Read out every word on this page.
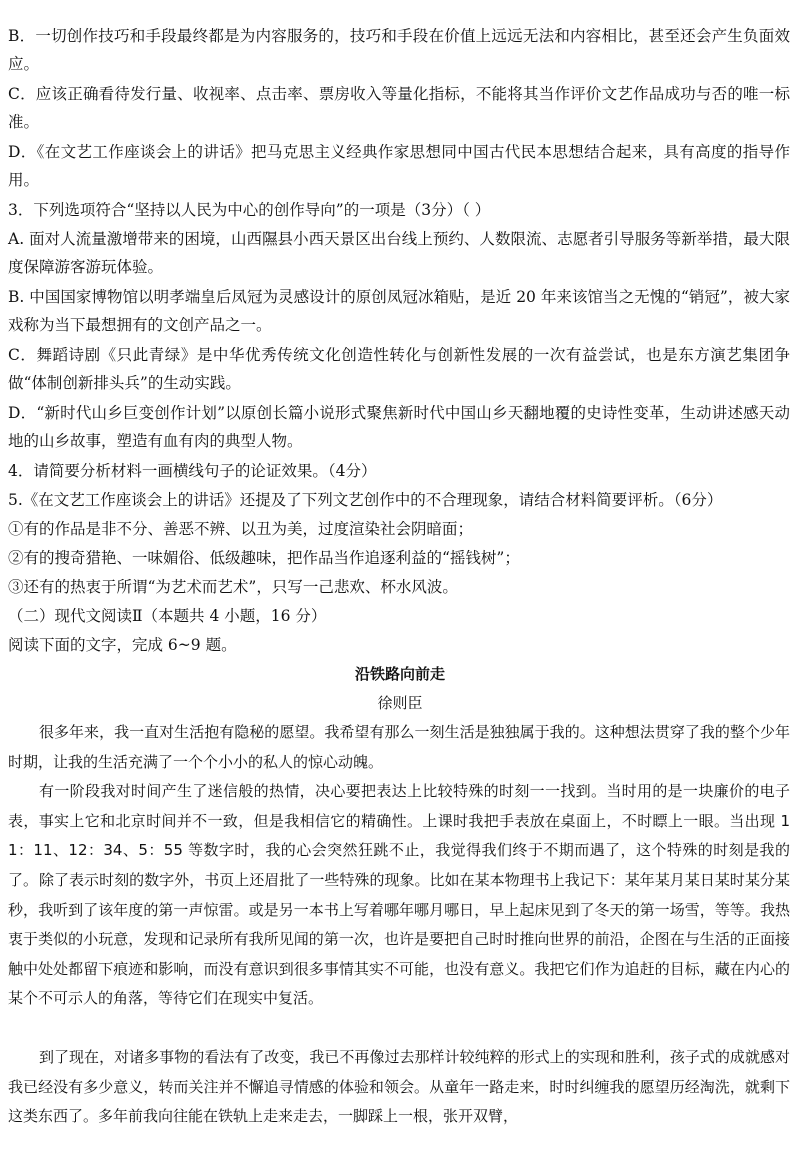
B．一切创作技巧和手段最终都是为内容服务的，技巧和手段在价值上远远无法和内容相比，甚至还会产生负面效应。

C．应该正确看待发行量、收视率、点击率、票房收入等量化指标，不能将其当作评价文艺作品成功与否的唯一标准。

D．《在文艺工作座谈会上的讲话》把马克思主义经典作家思想同中国古代民本思想结合起来，具有高度的指导作用。

3．下列选项符合“坚持以人民为中心的创作导向”的一项是（3分）（ ）

A. 面对人流量激增带来的困境，山西隰县小西天景区出台线上预约、人数限流、志愿者引导服务等新举措，最大限度保障游客游玩体验。

B. 中国国家博物馆以明孝端皇后凤冠为灵感设计的原创凤冠冰箱贴，是近 20 年来该馆当之无愧的“销冠”，被大家戏称为当下最想拥有的文创产品之一。

C．舞蹈诗剧《只此青绿》是中华优秀传统文化创造性转化与创新性发展的一次有益尝试，也是东方演艺集团争做“体制创新排头兵”的生动实践。

D．“新时代山乡巨变创作计划”以原创长篇小说形式聚焦新时代中国山乡天翻地覆的史诗性变革，生动讲述感天动地的山乡故事，塑造有血有肉的典型人物。

4．请简要分析材料一画横线句子的论证效果。（4分）

5.《在文艺工作座谈会上的讲话》还提及了下列文艺创作中的不合理现象，请结合材料简要评析。（6分）

①有的作品是非不分、善恶不辨、以丑为美，过度渲染社会阴暗面；

②有的搜奇猎艳、一味媚俗、低级趣味，把作品当作追逐利益的“摇钱树”；

③还有的热衷于所谓“为艺术而艺术”，只写一己悲欢、杯水风波。

（二）现代文阅读Ⅱ（本题共 4 小题，16 分）

阅读下面的文字，完成 6~9 题。

沿铁路向前走

徐则臣

很多年来，我一直对生活抱有隐秘的愿望。我希望有那么一刻生活是独独属于我的。这种想法贯穿了我的整个少年时期，让我的生活充满了一个个小小的私人的惊心动魄。

有一阶段我对时间产生了迷信般的热情，决心要把表达上比较特殊的时刻一一找到。当时用的是一块廉价的电子表，事实上它和北京时间并不一致，但是我相信它的精确性。上课时我把手表放在桌面上，不时瞟上一眼。当出现 11：11、12：34、5：55 等数字时，我的心会突然狂跳不止，我觉得我们终于不期而遇了，这个特殊的时刻是我的了。 除了表示时刻的数字外，书页上还眉批了一些特殊的现象。比如在某本物理书上我记下：某年某月某日某时某分某秒，我听到了该年度的第一声惊雷。或是另一本书上写着哪年哪月哪日，早上起床见到了冬天的第一场雪，等等。我热衷于类似的小玩意，发现和记录所有我所见闻的第一次，也许是要把自己时时推向世界的前沿，企图在与生活的正面接触中处处都留下痕迹和影响，而没有意识到很多事情其实不可能，也没有意义。我把它们作为追赶的目标，藏在内心的某个不可示人的角落，等待它们在现实中复活。

到了现在，对诸多事物的看法有了改变，我已不再像过去那样计较纯粹的形式上的实现和胜利，孩子式的成就感对我已经没有多少意义，转而关注并不懈追寻情感的体验和领会。从童年一路走来，时时纠缠我的愿望历经淘洗，就剩下这类东西了。多年前我向往能在铁轨上走来走去，一脚踩上一根，张开双臂，
